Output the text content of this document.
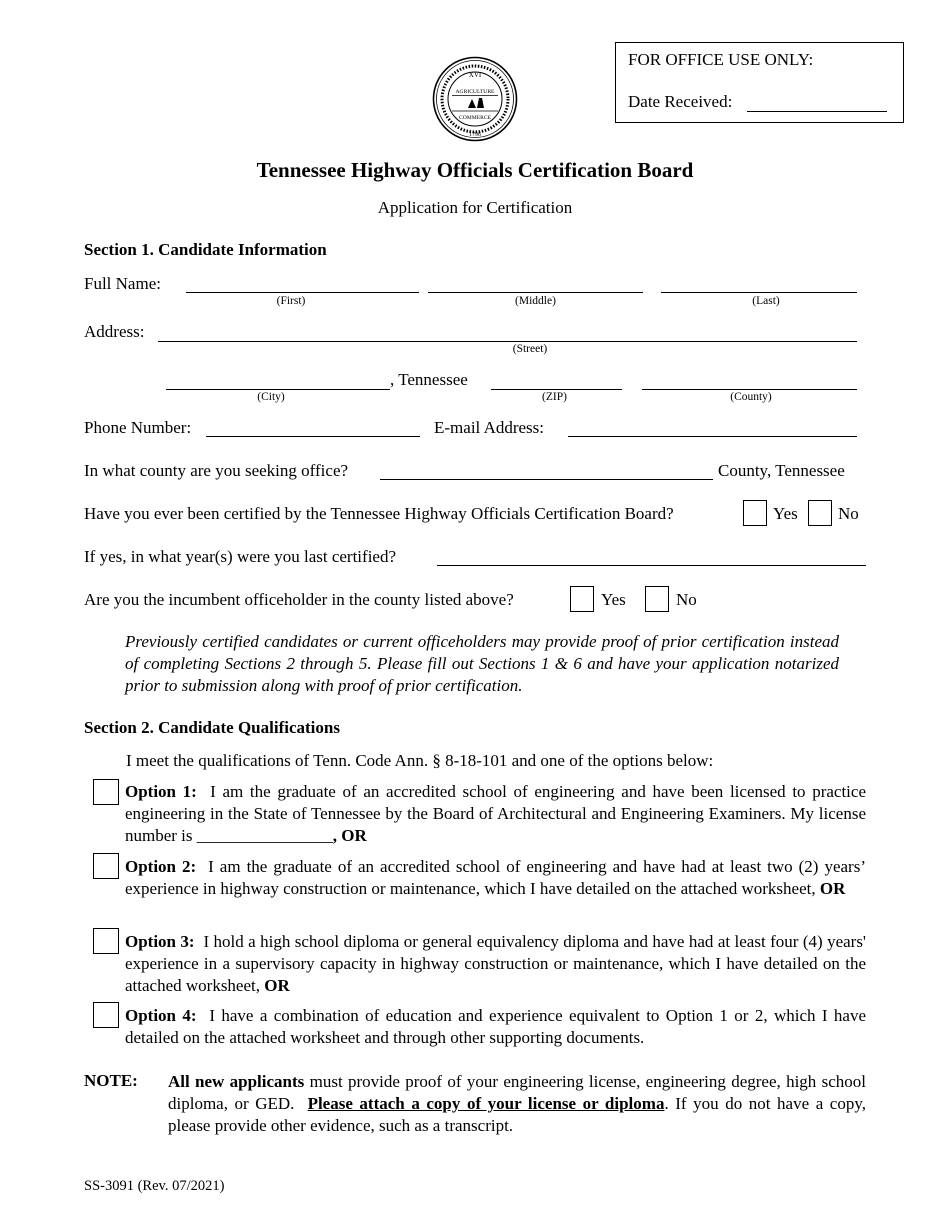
FOR OFFICE USE ONLY:
Date Received:
XVI
AGRICULTURE
COMMERCE
1796
Tennessee Highway Officials Certification Board
Application for Certification
Section 1. Candidate Information
Full Name:
(First)	(Middle)	(Last)
Address:
(Street)
, Tennessee
(City)	(ZIP)	(County)
Phone Number:	E-mail Address:
In what county are you seeking office?	County, Tennessee
Have you ever been certified by the Tennessee Highway Officials Certification Board?	Yes No
If yes, in what year(s) were you last certified?
Are you the incumbent officeholder in the county listed above?	Yes	No
Previously certified candidates or current officeholders may provide proof of prior certification instead of completing Sections 2 through 5. Please fill out Sections 1 & 6 and have your application notarized prior to submission along with proof of prior certification.
Section 2. Candidate Qualifications
I meet the qualifications of Tenn. Code Ann. § 8-18-101 and one of the options below:
Option 1: I am the graduate of an accredited school of engineering and have been licensed to practice engineering in the State of Tennessee by the Board of Architectural and Engineering Examiners. My license number is ________________, OR
Option 2: I am the graduate of an accredited school of engineering and have had at least two (2) years’ experience in highway construction or maintenance, which I have detailed on the attached worksheet, OR
Option 3: I hold a high school diploma or general equivalency diploma and have had at least four (4) years' experience in a supervisory capacity in highway construction or maintenance, which I have detailed on the attached worksheet, OR
Option 4: I have a combination of education and experience equivalent to Option 1 or 2, which I have detailed on the attached worksheet and through other supporting documents.
NOTE: All new applicants must provide proof of your engineering license, engineering degree, high school diploma, or GED. Please attach a copy of your license or diploma. If you do not have a copy, please provide other evidence, such as a transcript.
SS-3091 (Rev. 07/2021)
